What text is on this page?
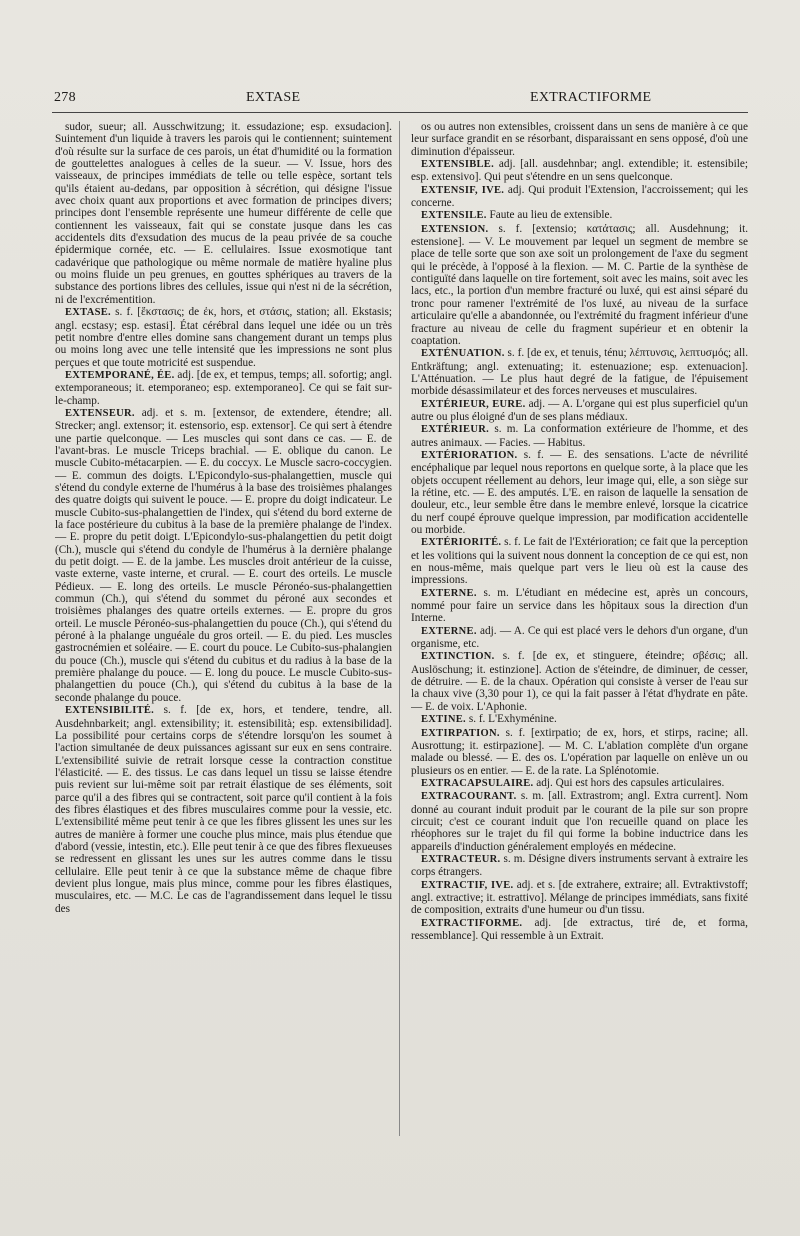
278	EXTASE	EXTRACTIFORME

sudor, sueur; all. Ausschwitzung; it. essudazione; esp. exsudacion]. Suintement d'un liquide à travers les parois qui le contiennent; suintement d'où résulte sur la surface de ces parois, un état d'humidité ou la formation de gouttelettes analogues à celles de la sueur. — V. Issue, hors des vaisseaux, de principes immédiats de telle ou telle espèce, sortant tels qu'ils étaient au-dedans, par opposition à sécrétion, qui désigne l'issue avec choix quant aux proportions et avec formation de principes divers; principes dont l'ensemble représente une humeur différente de celle que contiennent les vaisseaux, fait qui se constate jusque dans les cas accidentels dits d'exsudation des mucus de la peau privée de sa couche épidermique cornée, etc. — E. cellulaires. Issue exosmotique tant cadavérique que pathologique ou même normale de matière hyaline plus ou moins fluide un peu grenues, en gouttes sphériques au travers de la substance des portions libres des cellules, issue qui n'est ni de la sécrétion, ni de l'excrémentition.

EXTASE. s. f. [ἔκστασις; de ἐκ, hors, et στάσις, station; all. Ekstasis; angl. ecstasy; esp. estasi]. État cérébral dans lequel une idée ou un très petit nombre d'entre elles domine sans changement durant un temps plus ou moins long avec une telle intensité que les impressions ne sont plus perçues et que toute motricité est suspendue.

EXTEMPORANÉ, ÉE. adj. [de ex, et tempus, temps; all. sofortig; angl. extemporaneous; it. etemporaneo; esp. extemporaneo]. Ce qui se fait sur-le-champ.

EXTENSEUR. adj. et s. m. [extensor, de extendere, étendre; all. Strecker; angl. extensor; it. estensorio, esp. extensor]. Ce qui sert à étendre une partie quelconque. — Les muscles qui sont dans ce cas. — E. de l'avant-bras. Le muscle Triceps brachial. — E. oblique du canon. Le muscle Cubito-métacarpien. — E. du coccyx. Le Muscle sacro-coccygien. — E. commun des doigts. L'Epicondylo-sus-phalangettien, muscle qui s'étend du condyle externe de l'humérus à la base des troisièmes phalanges des quatre doigts qui suivent le pouce. — E. propre du doigt indicateur. Le muscle Cubito-sus-phalangettien de l'index, qui s'étend du bord externe de la face postérieure du cubitus à la base de la première phalange de l'index. — E. propre du petit doigt. L'Epicondylo-sus-phalangettien du petit doigt (Ch.), muscle qui s'étend du condyle de l'humérus à la dernière phalange du petit doigt. — E. de la jambe. Les muscles droit antérieur de la cuisse, vaste externe, vaste interne, et crural. — E. court des orteils. Le muscle Pédieux. — E. long des orteils. Le muscle Péronéo-sus-phalangettien commun (Ch.), qui s'étend du sommet du péroné aux secondes et troisièmes phalanges des quatre orteils externes. — E. propre du gros orteil. Le muscle Péronéo-sus-phalangettien du pouce (Ch.), qui s'étend du péroné à la phalange unguéale du gros orteil. — E. du pied. Les muscles gastrocnémien et soléaire. — E. court du pouce. Le Cubito-sus-phalangien du pouce (Ch.), muscle qui s'étend du cubitus et du radius à la base de la première phalange du pouce. — E. long du pouce. Le muscle Cubito-sus-phalangettien du pouce (Ch.), qui s'étend du cubitus à la base de la seconde phalange du pouce.

EXTENSIBILITÉ. s. f. [de ex, hors, et tendere, tendre, all. Ausdehnbarkeit; angl. extensibility; it. estensibilità; esp. extensibilidad]. La possibilité pour certains corps de s'étendre lorsqu'on les soumet à l'action simultanée de deux puissances agissant sur eux en sens contraire. L'extensibilité suivie de retrait lorsque cesse la contraction constitue l'élasticité. — E. des tissus. Le cas dans lequel un tissu se laisse étendre puis revient sur lui-même soit par retrait élastique de ses éléments, soit parce qu'il a des fibres qui se contractent, soit parce qu'il contient à la fois des fibres élastiques et des fibres musculaires comme pour la vessie, etc. L'extensibilité même peut tenir à ce que les fibres glissent les unes sur les autres de manière à former une couche plus mince, mais plus étendue que d'abord (vessie, intestin, etc.). Elle peut tenir à ce que des fibres flexueuses se redressent en glissant les unes sur les autres comme dans le tissu cellulaire. Elle peut tenir à ce que la substance même de chaque fibre devient plus longue, mais plus mince, comme pour les fibres élastiques, musculaires, etc. — M.C. Le cas de l'agrandissement dans lequel le tissu des

os ou autres non extensibles, croissent dans un sens de manière à ce que leur surface grandit en se résorbant, disparaissant en sens opposé, d'où une diminution d'épaisseur.

EXTENSIBLE. adj. [all. ausdehnbar; angl. extendible; it. estensibile; esp. extensivo]. Qui peut s'étendre en un sens quelconque.

EXTENSIF, IVE. adj. Qui produit l'Extension, l'accroissement; qui les concerne.

EXTENSILE. Faute au lieu de extensible.

EXTENSION. s. f. [extensio; κατάτασις; all. Ausdehnung; it. estensione]. — V. Le mouvement par lequel un segment de membre se place de telle sorte que son axe soit un prolongement de l'axe du segment qui le précède, à l'opposé à la flexion. — M. C. Partie de la synthèse de contiguïté dans laquelle on tire fortement, soit avec les mains, soit avec les lacs, etc., la portion d'un membre fracturé ou luxé, qui est ainsi séparé du tronc pour ramener l'extrémité de l'os luxé, au niveau de la surface articulaire qu'elle a abandonnée, ou l'extrémité du fragment inférieur d'une fracture au niveau de celle du fragment supérieur et en obtenir la coaptation.

EXTÉNUATION. s. f. [de ex, et tenuis, ténu; λέπτυνσις, λεπτυσμός; all. Entkräftung; angl. extenuating; it. estenuazione; esp. extenuacion]. L'Atténuation. — Le plus haut degré de la fatigue, de l'épuisement morbide désassimilateur et des forces nerveuses et musculaires.

EXTÉRIEUR, EURE. adj. — A. L'organe qui est plus superficiel qu'un autre ou plus éloigné d'un de ses plans médiaux.

EXTÉRIEUR. s. m. La conformation extérieure de l'homme, et des autres animaux. — Facies. — Habitus.

EXTÉRIORATION. s. f. — E. des sensations. L'acte de névrilité encéphalique par lequel nous reportons en quelque sorte, à la place que les objets occupent réellement au dehors, leur image qui, elle, a son siège sur la rétine, etc. — E. des amputés. L'E. en raison de laquelle la sensation de douleur, etc., leur semble être dans le membre enlevé, lorsque la cicatrice du nerf coupé éprouve quelque impression, par modification accidentelle ou morbide.

EXTÉRIORITÉ. s. f. Le fait de l'Extérioration; ce fait que la perception et les volitions qui la suivent nous donnent la conception de ce qui est, non en nous-même, mais quelque part vers le lieu où est la cause des impressions.

EXTERNE. s. m. L'étudiant en médecine est, après un concours, nommé pour faire un service dans les hôpitaux sous la direction d'un Interne.

EXTERNE. adj. — A. Ce qui est placé vers le dehors d'un organe, d'un organisme, etc.

EXTINCTION. s. f. [de ex, et stinguere, éteindre; σβέσις; all. Auslöschung; it. estinzione]. Action de s'éteindre, de diminuer, de cesser, de détruire. — E. de la chaux. Opération qui consiste à verser de l'eau sur la chaux vive (3,30 pour 1), ce qui la fait passer à l'état d'hydrate en pâte. — E. de voix. L'Aphonie.

EXTINE. s. f. L'Exhyménine.

EXTIRPATION. s. f. [extirpatio; de ex, hors, et stirps, racine; all. Ausrottung; it. estirpazione]. — M. C. L'ablation complète d'un organe malade ou blessé. — E. des os. L'opération par laquelle on enlève un ou plusieurs os en entier. — E. de la rate. La Splénotomie.

EXTRACAPSULAIRE. adj. Qui est hors des capsules articulaires.

EXTRACOURANT. s. m. [all. Extrastrom; angl. Extra current]. Nom donné au courant induit produit par le courant de la pile sur son propre circuit; c'est ce courant induit que l'on recueille quand on place les rhéophores sur le trajet du fil qui forme la bobine inductrice dans les appareils d'induction généralement employés en médecine.

EXTRACTEUR. s. m. Désigne divers instruments servant à extraire les corps étrangers.

EXTRACTIF, IVE. adj. et s. [de extrahere, extraire; all. Evtraktivstoff; angl. extractive; it. estrattivo]. Mélange de principes immédiats, sans fixité de composition, extraits d'une humeur ou d'un tissu.

EXTRACTIFORME. adj. [de extractus, tiré de, et forma, ressemblance]. Qui ressemble à un Extrait.
